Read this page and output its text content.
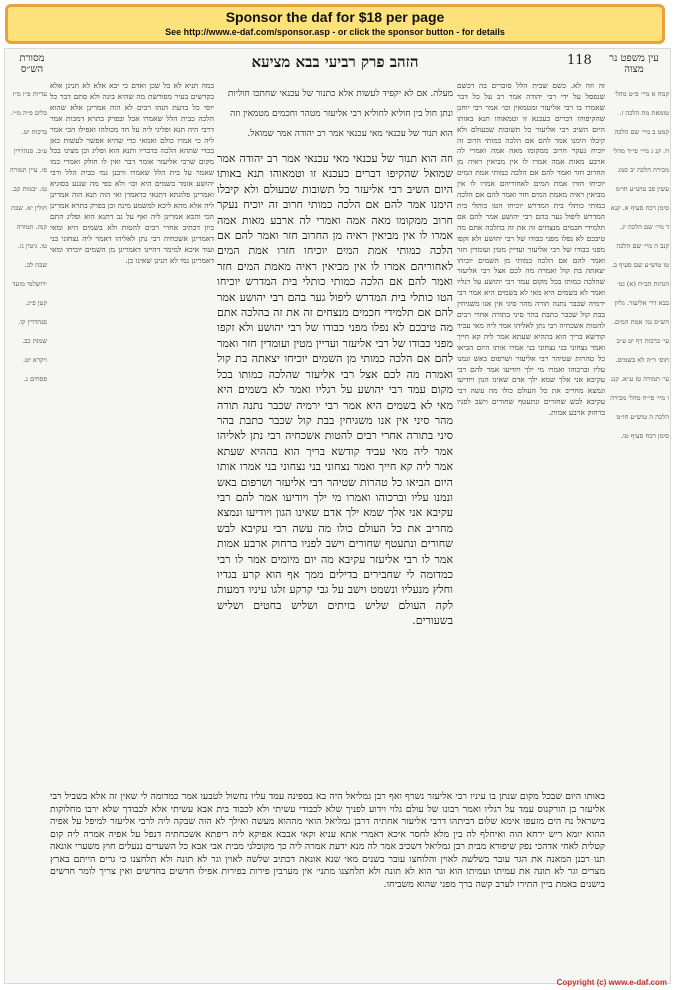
Sponsor the daf for $18 per page
See http://www.e-daf.com/sponsor.asp - or click the sponsor button - for details
מסורת הש״ס	הזהב פרק רביעי בבא מציעא	118	עין משפט נר מצוה
קמח א מיי׳ פ״ט מהל׳ טומאת מת הלכה ז. קמט ב מיי׳ שם הלכה ח. קנ ג מיי׳ פי״ד מהל׳ מכירה הלכה יב סמג עשין פב טוש״ע חו״מ סימן רכח סעיף א. קנא ד מיי׳ שם הלכה יג. קנב ה מיי׳ שם הלכה טו טוש״ע שם סעיף ב. הגהות הב״ח (א) גמ׳ בבא דר׳ אליעזר. גליון הש״ס גמ׳ אמת המים. עי׳ ברכות דף יט ע״ב תוס׳ ד״ה לא בשמים. עי׳ תמורה טז ע״א. קנג ו מיי׳ פי״ח מהל׳ מכירה הלכה ה טוש״ע חו״מ סימן רכח סעיף טו.
זה וזה לא. כשם שבית הלל סוברים בה דכשם שנפסל על ידי רבי יהודה אמר רב על כל דבר שאמרו בו רבי אליעזר ומטמאין וכו׳ אמר רבי יוחנן שהקיפוהו דברים כעכנא זו וטמאוהו תנא באותו היום השיב רבי אליעזר כל תשובות שבעולם ולא קיבלו הימנו אמר להם אם הלכה כמותי חרוב זה יוכיח נעקר חרוב ממקומו מאה אמה ואמרי לה ארבע מאות אמה אמרו לו אין מביאין ראיה מן החרוב חזר ואמר להם אם הלכה כמותי אמת המים יוכיחו חזרו אמת המים לאחוריהם אמרו לו אין מביאין ראיה מאמת המים חזר ואמר להם אם הלכה כמותי כותלי בית המדרש יוכיחו הטו כותלי בית המדרש ליפול גער בהם רבי יהושע אמר להם אם תלמידי חכמים מנצחים זה את זה בהלכה אתם מה טיבכם לא נפלו מפני כבודו של רבי יהושע ולא זקפו מפני כבודו של רבי אליעזר ועדיין מטין ועומדין חזר ואמר להם אם הלכה כמותי מן השמים יוכיחו יצאתה בת קול ואמרה מה לכם אצל רבי אליעזר שהלכה כמותו בכל מקום עמד רבי יהושע על רגליו ואמר לא בשמים היא מאי לא בשמים היא אמר רבי ירמיה שכבר נתנה תורה מהר סיני אין אנו משגיחין בבת קול שכבר כתבת בהר סיני בתורה אחרי רבים להטות אשכחיה רבי נתן לאליהו אמר ליה מאי עביד קודשא בריך הוא בההיא שעתא אמר ליה קא חייך ואמר נצחוני בני נצחוני בני אמרו אותו היום הביאו כל טהרות שטיהר רבי אליעזר ושרפום באש ונמנו עליו וברכוהו ואמרו מי ילך ויודיעו אמר להם רבי עקיבא אני אלך שמא ילך אדם שאינו הגון ויודיעו ונמצא מחריב את כל העולם כולו מה עשה רבי עקיבא לבש שחורים ונתעטף שחורים וישב לפניו ברחוק ארבע אמות.
מעלה. אם לא יקפיד לעשות אלא כתנור של עכנאי שחתכו חוליות ונתן חול בין חוליא לחוליא רבי אליעזר מטהר וחכמים מטמאין וזה הוא תנור של עכנאי מאי עכנאי אמר רב יהודה אמר שמואל.
וזה הוא תנור של עכנאי מאי עכנאי אמר רב יהודה אמר שמואל שהקיפו דברים כעכנא זו וטמאוהו תנא באותו היום השיב רבי אליעזר כל תשובות שבעולם ולא קיבלו הימנו אמר להם אם הלכה כמותי חרוב זה יוכיח נעקר חרוב ממקומו מאה אמה ואמרי לה ארבע מאות אמה אמרו לו אין מביאין ראיה מן החרוב חזר ואמר להם אם הלכה כמותי אמת המים יוכיחו חזרו אמת המים לאחוריהם אמרו לו אין מביאין ראיה מאמת המים חזר ואמר להם אם הלכה כמותי כותלי בית המדרש יוכיחו הטו כותלי בית המדרש ליפול גער בהם רבי יהושע אמר להם אם תלמידי חכמים מנצחים זה את זה בהלכה אתם מה טיבכם לא נפלו מפני כבודו של רבי יהושע ולא זקפו מפני כבודו של רבי אליעזר ועדיין מטין ועומדין חזר ואמר להם אם הלכה כמותי מן השמים יוכיחו יצאתה בת קול ואמרה מה לכם אצל רבי אליעזר שהלכה כמותו בכל מקום עמד רבי יהושע על רגליו ואמר לא בשמים היא מאי לא בשמים היא אמר רבי ירמיה שכבר נתנה תורה מהר סיני אין אנו משגיחין בבת קול שכבר כתבת בהר סיני בתורה אחרי רבים להטות אשכחיה רבי נתן לאליהו אמר ליה מאי עביד קודשא בריך הוא בההיא שעתא אמר ליה קא חייך ואמר נצחוני בני נצחוני בני אמרו אותו היום הביאו כל טהרות שטיהר רבי אליעזר ושרפום באש ונמנו עליו וברכוהו ואמרו מי ילך ויודיעו אמר להם רבי עקיבא אני אלך שמא ילך אדם שאינו הגון ויודיעו ונמצא מחריב את כל העולם כולו מה עשה רבי עקיבא לבש שחורים ונתעטף שחורים וישב לפניו ברחוק ארבע אמות אמר לו רבי אליעזר עקיבא מה יום מיומים אמר לו רבי כמדומה לי שחבירים בדילים ממך אף הוא קרע בגדיו וחלץ מנעליו ונשמט וישב על גבי קרקע זלגו עיניו דמעות לקה העולם שליש בזיתים ושליש בחטים ושליש בשעורים.
כמה תניא לא כל שכן ואדם כי יבא אלא לא תנינן אלא בקדשים בעיר מפורשת מה שהיא בינה ולא סתם דבר כל יוסי כל בדעת הנהו רבים לא הוה אמרינן אלא שהוא הלכה כבית הלל שאמרו אבל ובפרק בתרא דמכות אמר דרבי היה תנא ופליגי ליה על חד מכולהו ואפילו הכי אמר ליה כי אמרו כולם ואמאי כדי שהיא אפשר לעשות כאן בכדי שתהא הלכה כדבריו ותנא הוא ופליג וכן מצינו בכל מקום שרבי אליעזר אומר דבר ואין לו חולק ואמרי כמו שאמר על בית הלל שאמרו ורבנן נמי כבית הלל ורבי יהושע אומר בשמים היא וכו׳ ולא כפי מה שנגע בסוגיא ואמרינן פלוגתא דתנאי כדאמרן ואי הוה תנא הוה אמרינן ליה אלא מהא ליכא למשמע מינה וכן בפרק בתרא אמרינן הכי והכא אמרינן ליה ואף על גב דתנא הוא ופליג התם כיון דכתיב אחרי רבים להטות ולא בשמים היא ומאי דאמרינן אשכחיה רבי נתן לאליהו דאמר ליה נצחוני בני ועוד איכא למימר דהיינו דאמרינן מן השמים יוכיחו ומאי דאמרינן נמי לא תנינן שאינו כן.
עדיות פ״ז מ״ז כלים פ״ה מ״י. ברכות יט. ע״ב. סנהדרין פו. עיין תמורה טז. יבמות קב. חולין יא. שבת קמז. תמורה טו. גיטין נו. שבת לב. ירושלמי מועד קטן פ״ג. סנהדרין קו. שמות כב. ויקרא יט. פסחים נ.
באותו היום שבכל מקום שנתן בו עיניו רבי אליעזר נשרף ואף רבן גמליאל היה בא בספינה עמד עליו נחשול לטבעו אמר כמדומה לי שאין זה אלא בשביל רבי אליעזר בן הורקנוס עמד על רגליו ואמר רבונו של עולם גלוי וידוע לפניך שלא לכבודי עשיתי ולא לכבוד בית אבא עשיתי אלא לכבודך שלא ירבו מחלוקות בישראל נח הים מזעפו אימא שלום דביתהו דרבי אליעזר אחתיה דרבן גמליאל הואי מההוא מעשה ואילך לא הוה שבקה ליה לרבי אליעזר למיפל על אפיה ההוא יומא ריש ירחא הוה ואיחלף לה בין מלא לחסר איכא דאמרי אתא עניא וקאי אבבא אפיקא ליה ריפתא אשכחתיה דנפל על אפיה אמרה ליה קום קטלית לאחי אדהכי נפק שיפורא מבית רבן גמליאל דשכיב אמר לה מנא ידעת אמרה ליה כך מקובלני מבית אבי אבא כל השערים ננעלים חוץ משערי אונאה תנו רבנן המאנה את הגר עובר בשלשה לאוין והלוחצו עובר בשנים מאי שנא אונאה דכתיב שלשה לאוין וגר לא תונה ולא תלחצנו כי גרים הייתם בארץ מצרים וגר לא תונה את עמיתו ועמיתו הוא וגר הוא לא תונה ולא תלחצנו מתני׳ אין מערבין פירות בפירות אפילו חדשים בחדשים ואין צריך לומר חדשים בישנים באמת ביין התירו לערב קשה ברך מפני שהוא משביחו.
Copyright (c) www.e-daf.com
